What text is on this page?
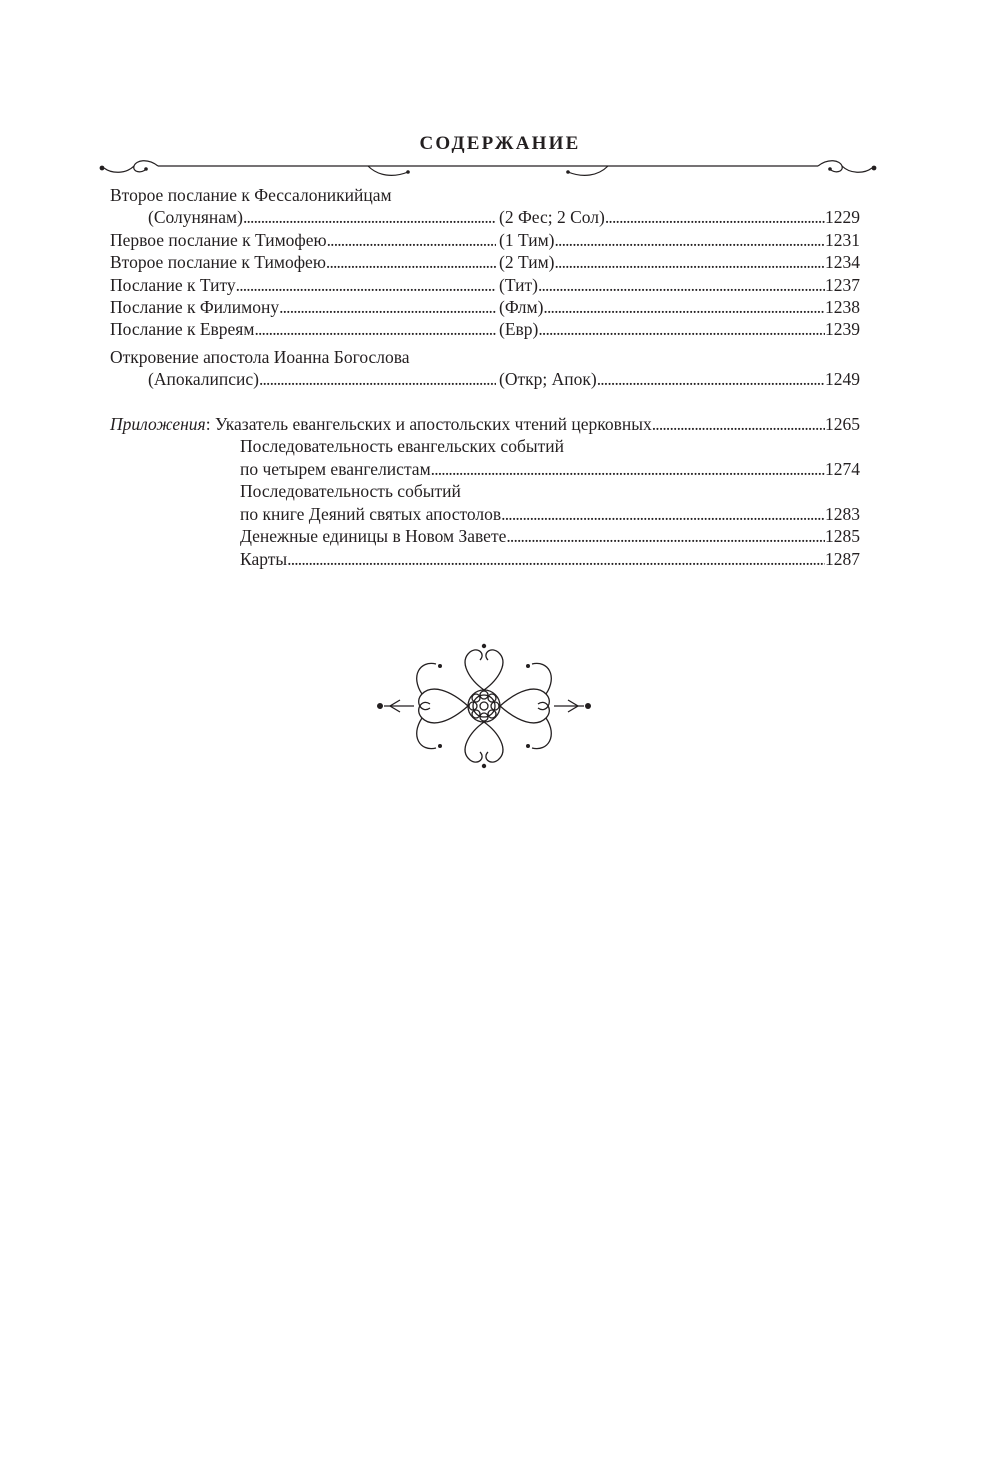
СОДЕРЖАНИЕ
Второе послание к Фессалоникийцам
(Солунянам) . . .	(2 Фес; 2 Сол) . . .	1229
Первое послание к Тимофею . . .	(1 Тим) . . .	1231
Второе послание к Тимофею . . .	(2 Тим) . . .	1234
Послание к Титу . . .	(Тит) . . .	1237
Послание к Филимону . . .	(Флм) . . .	1238
Послание к Евреям . . .	(Евр) . . .	1239
Откровение апостола Иоанна Богослова
(Апокалипсис) . . .	(Откр; Апок) . . .	1249
Приложения : Указатель евангельских и апостольских чтений церковных . . .	1265
Последовательность евангельских событий
по четырем евангелистам . . .	1274
Последовательность событий
по книге Деяний святых апостолов . . .	1283
Денежные единицы в Новом Завете . . .	1285
Карты . . .	1287
